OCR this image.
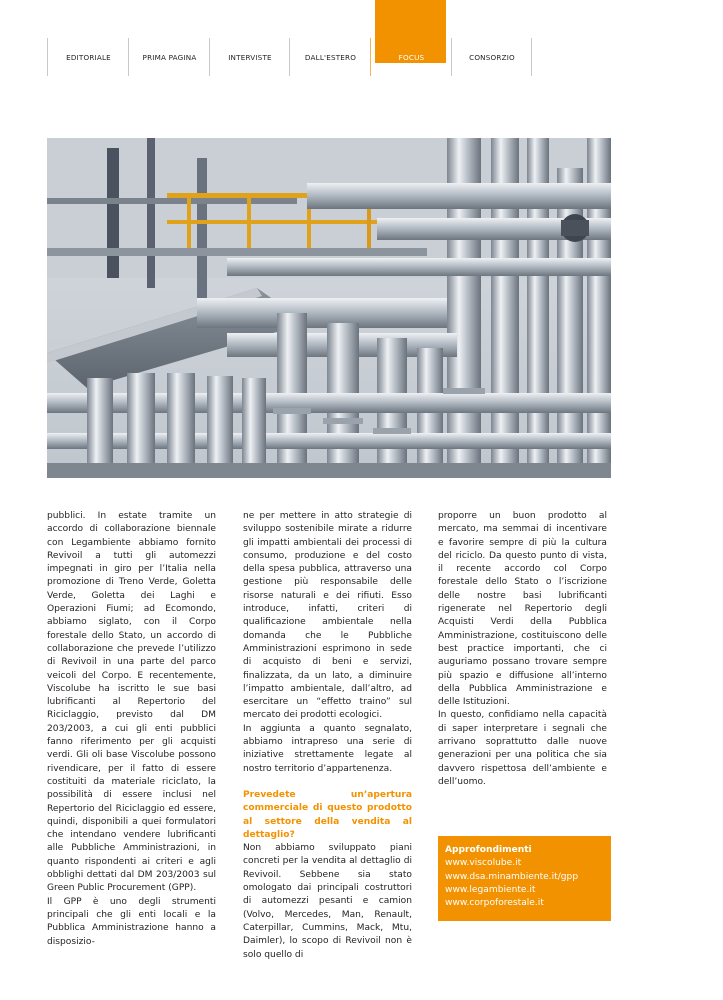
EDITORIALE	PRIMA PAGINA	INTERVISTE	DALL'ESTERO	FOCUS	CONSORZIO

pubblici. In estate tramite un accordo di collaborazione biennale con Legambiente abbiamo fornito Revivoil a tutti gli automezzi impegnati in giro per l’Italia nella promozione di Treno Verde, Goletta Verde, Goletta dei Laghi e Operazioni Fiumi; ad Ecomondo, abbiamo siglato, con il Corpo forestale dello Stato, un accordo di collaborazione che prevede l’utilizzo di Revivoil in una parte del parco veicoli del Corpo. E recentemente, Viscolube ha iscritto le sue basi lubrificanti al Repertorio del Riciclaggio, previsto dal DM 203/2003, a cui gli enti pubblici fanno riferimento per gli acquisti verdi. Gli oli base Viscolube possono rivendicare, per il fatto di essere costituiti da materiale riciclato, la possibilità di essere inclusi nel Repertorio del Riciclaggio ed essere, quindi, disponibili a quei formulatori che intendano vendere lubrificanti alle Pubbliche Amministrazioni, in quanto rispondenti ai criteri e agli obblighi dettati dal DM 203/2003 sul Green Public Procurement (GPP).

Il GPP è uno degli strumenti principali che gli enti locali e la Pubblica Amministrazione hanno a disposizio-

ne per mettere in atto strategie di sviluppo sostenibile mirate a ridurre gli impatti ambientali dei processi di consumo, produzione e del costo della spesa pubblica, attraverso una gestione più responsabile delle risorse naturali e dei rifiuti. Esso introduce, infatti, criteri di qualificazione ambientale nella domanda che le Pubbliche Amministrazioni esprimono in sede di acquisto di beni e servizi, finalizzata, da un lato, a diminuire l’impatto ambientale, dall’altro, ad esercitare un “effetto traino” sul mercato dei prodotti ecologici.

In aggiunta a quanto segnalato, abbiamo intrapreso una serie di iniziative strettamente legate al nostro territorio d’appartenenza.

Prevedete un’apertura commerciale di questo prodotto al settore della vendita al dettaglio?

Non abbiamo sviluppato piani concreti per la vendita al dettaglio di Revivoil. Sebbene sia stato omologato dai principali costruttori di automezzi pesanti e camion (Volvo, Mercedes, Man, Renault, Caterpillar, Cummins, Mack, Mtu, Daimler), lo scopo di Revivoil non è solo quello di

proporre un buon prodotto al mercato, ma semmai di incentivare e favorire sempre di più la cultura del riciclo. Da questo punto di vista, il recente accordo col Corpo forestale dello Stato o l’iscrizione delle nostre basi lubrificanti rigenerate nel Repertorio degli Acquisti Verdi della Pubblica Amministrazione, costituiscono delle best practice importanti, che ci auguriamo possano trovare sempre più spazio e diffusione all’interno della Pubblica Amministrazione e delle Istituzioni.

In questo, confidiamo nella capacità di saper interpretare i segnali che arrivano soprattutto dalle nuove generazioni per una politica che sia davvero rispettosa dell’ambiente e dell’uomo.

Approfondimenti
www.viscolube.it
www.dsa.minambiente.it/gpp
www.legambiente.it
www.corpoforestale.it
